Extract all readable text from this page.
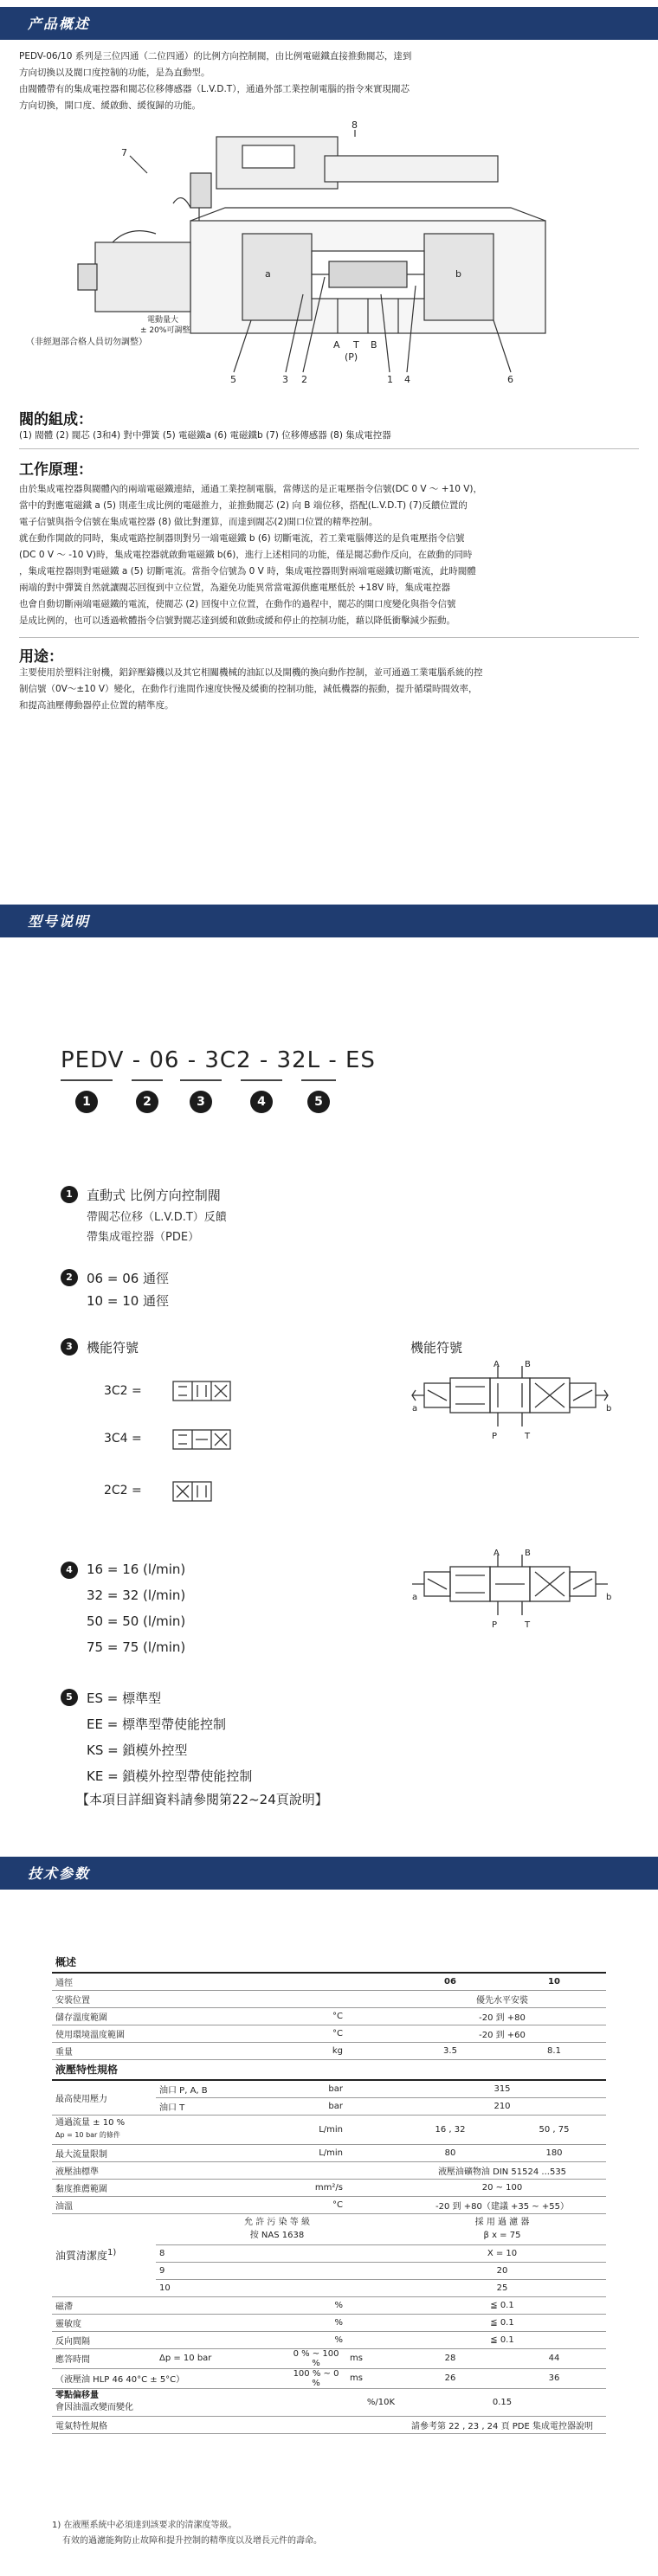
产品概述
PEDV-06/10 系列是三位四通（二位四通）的比例方向控制閥，由比例電磁鐵直接推動閥芯，達到
方向切換以及閥口度控制的功能，是為直動型。
由閥體帶有的集成電控器和閥芯位移傳感器（L.V.D.T），通過外部工業控制電腦的指令來實現閥芯
方向切換，開口度、緩啟動、緩復歸的功能。
8
7
a	b
5	3 2
A T B
(P)
1 4	6
（非經迴部合格人員切勿調整）
電動量大
± 20%可調整
閥的組成：
(1) 閥體 (2) 閥芯 (3和4) 對中彈簧 (5) 電磁鐵a (6) 電磁鐵b (7) 位移傳感器 (8) 集成電控器
工作原理：
由於集成電控器與閥體內的兩端電磁鐵連結，通過工業控制電腦，當傳送的是正電壓指令信號(DC 0 V ～ +10 V)，
當中的對應電磁鐵 a (5) 則產生成比例的電磁推力，並推動閥芯 (2) 向 B 端位移，搭配(L.V.D.T) (7)反饋位置的
電子信號與指令信號在集成電控器 (8) 做比對運算，而達到閥芯(2)開口位置的精準控制。
就在動作開啟的同時，集成電路控制器則對另一端電磁鐵 b (6) 切斷電流，若工業電腦傳送的是負電壓指令信號
(DC 0 V ～ -10 V)時，集成電控器就啟動電磁鐵 b(6)，進行上述相同的功能，僅是閥芯動作反向，在啟動的同時
，集成電控器則對電磁鐵 a (5) 切斷電流。當指令信號為 0 V 時，集成電控器則對兩端電磁鐵切斷電流，此時閥體
兩端的對中彈簧自然就讓閥芯回復到中立位置，為避免功能異常當電源供應電壓低於 +18V 時，集成電控器
也會自動切斷兩端電磁鐵的電流，使閥芯 (2) 回復中立位置，在動作的過程中，閥芯的開口度變化與指令信號
是成比例的，也可以透過軟體指令信號對閥芯達到緩和啟動或緩和停止的控制功能，藉以降低衝擊減少振動。
用途：
主要使用於塑料注射機，鋁鋅壓鑄機以及其它相關機械的油缸以及開機的換向動作控制，並可通過工業電腦系統的控
制信號（0V～±10 V）變化，在動作行進間作速度快慢及緩衝的控制功能，減低機器的振動，提升循環時間效率，
和提高油壓傳動器停止位置的精準度。
型号说明
PEDV - 06 - 3C2 - 32L - ES
1	2	3	4	5
1	直動式 比例方向控制閥
帶閥芯位移（L.V.D.T）反饋
帶集成電控器（PDE）
2	06 = 06 通徑
10 = 10 通徑
3	機能符號	機能符號
3C2 =
3C4 =
2C2 =
A	B
P	T
a	b
4	16 = 16 (l/min)
32 = 32 (l/min)
50 = 50 (l/min)
75 = 75 (l/min)
A	B
P	T
a	b
5	ES = 標準型
EE = 標準型帶使能控制
KS = 鎖模外控型
KE = 鎖模外控型帶使能控制
【本項目詳細資料請參閱第22~24頁說明】
技术参数
概述					
通徑				06	10
安裝位置				優先水平安裝	
儲存溫度範圍		°C		-20 到 +80	
使用環境溫度範圍		°C		-20 到 +60	
重量		kg		3.5	8.1
液壓特性規格					
最高使用壓力	油口 P, A, B	bar		315	
	油口 T	bar		210	
通過流量 ± 10 %
Δp = 10 bar 的條件		L/min		16 , 32	50 , 75
最大流量限制		L/min		80	180
液壓油標準				液壓油礦物油 DIN 51524 ...535	
黏度推薦範圍		mm²/s		20 ~ 100	
油溫		°C		-20 到 +80（建議 +35 ~ +55）	
油質清潔度$^{1)}$	允 許 污 染 等 級
按 NAS 1638			採 用 過 濾 器
β x = 75	
	8			X = 10	
	9			20	
	10			25	
磁滯		%		≦ 0.1	
靈敏度		%		≦ 0.1	
反向間隔		%		≦ 0.1	
應答時間	Δp = 10 bar	0 % ~ 100 %	ms	28	44
（液壓油 HLP 46 40°C ± 5°C）		100 % ~ 0 %	ms	26	36
零點偏移量
會因油溫改變而變化		%/10K		0.15	
電氣特性規格				請參考第 22 , 23 , 24 頁 PDE 集成電控器說明	
1) 在液壓系統中必須達到該要求的清潔度等級。
有效的過濾能夠防止故障和提升控制的精準度以及增長元件的壽命。
